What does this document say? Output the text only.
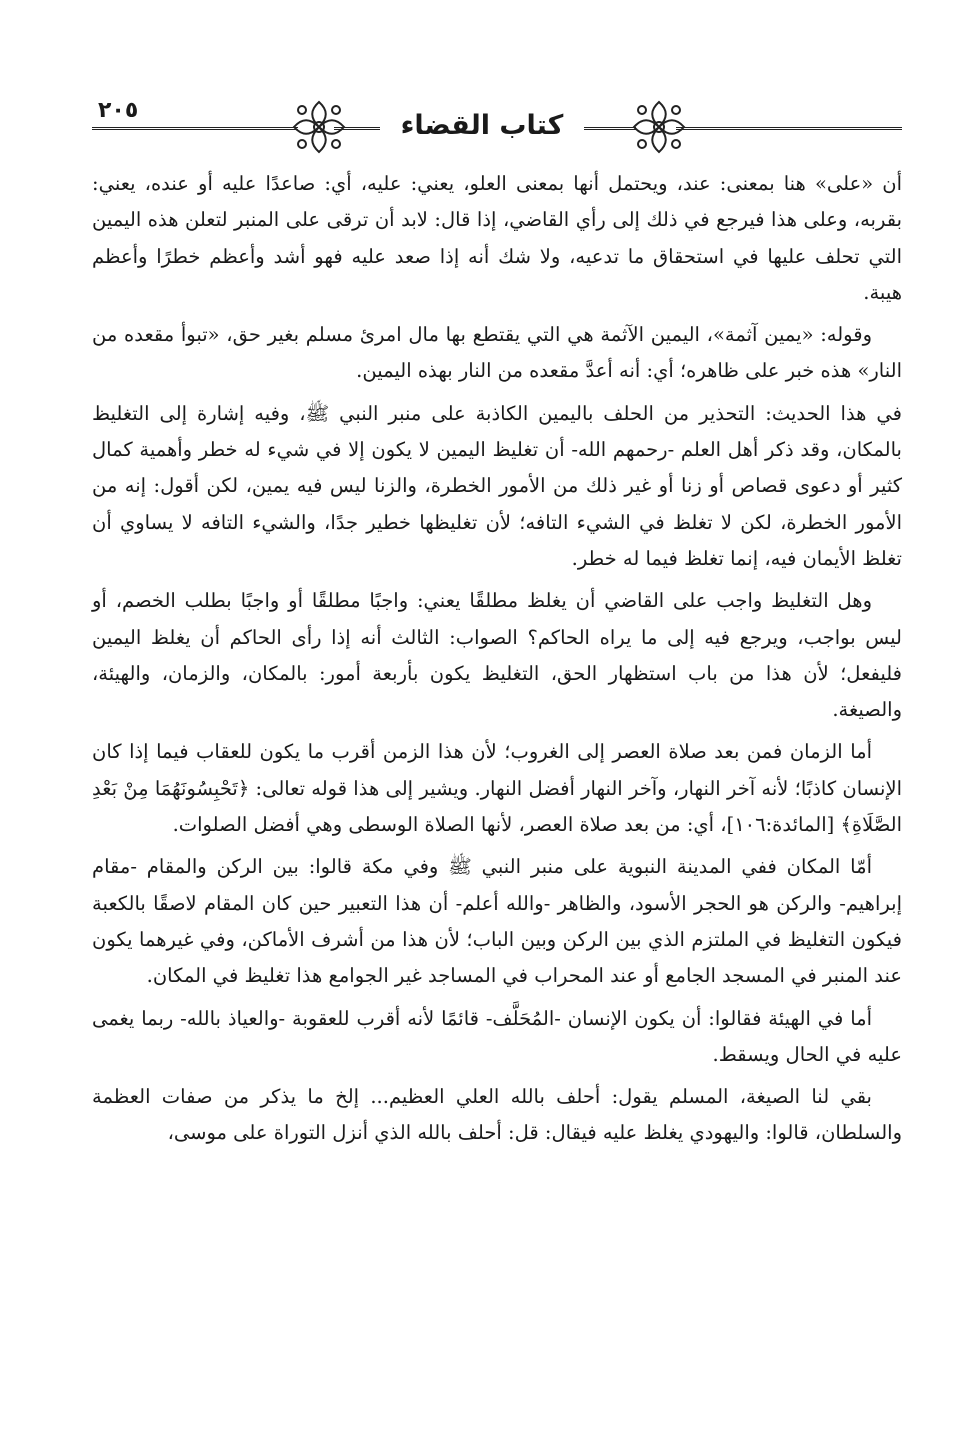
٢٠٥	كتاب القضاء

أن «على» هنا بمعنى: عند، ويحتمل أنها بمعنى العلو، يعني: عليه، أي: صاعدًا عليه أو عنده، يعني: بقربه، وعلى هذا فيرجع في ذلك إلى رأي القاضي، إذا قال: لابد أن ترقى على المنبر لتعلن هذه اليمين التي تحلف عليها في استحقاق ما تدعيه، ولا شك أنه إذا صعد عليه فهو أشد وأعظم خطرًا وأعظم هيبة.

وقوله: «يمين آثمة»، اليمين الآثمة هي التي يقتطع بها مال امرئ مسلم بغير حق، «تبوأ مقعده من النار» هذه خبر على ظاهره؛ أي: أنه أعدَّ مقعده من النار بهذه اليمين.

في هذا الحديث: التحذير من الحلف باليمين الكاذبة على منبر النبي ﷺ، وفيه إشارة إلى التغليظ بالمكان، وقد ذكر أهل العلم -رحمهم الله- أن تغليظ اليمين لا يكون إلا في شيء له خطر وأهمية كمال كثير أو دعوى قصاص أو زنا أو غير ذلك من الأمور الخطرة، والزنا ليس فيه يمين، لكن أقول: إنه من الأمور الخطرة، لكن لا تغلظ في الشيء التافه؛ لأن تغليظها خطير جدًا، والشيء التافه لا يساوي أن تغلظ الأيمان فيه، إنما تغلظ فيما له خطر.

وهل التغليظ واجب على القاضي أن يغلظ مطلقًا يعني: واجبًا مطلقًا أو واجبًا بطلب الخصم، أو ليس بواجب، ويرجع فيه إلى ما يراه الحاكم؟ الصواب: الثالث أنه إذا رأى الحاكم أن يغلظ اليمين فليفعل؛ لأن هذا من باب استظهار الحق، التغليظ يكون بأربعة أمور: بالمكان، والزمان، والهيئة، والصيغة.

أما الزمان فمن بعد صلاة العصر إلى الغروب؛ لأن هذا الزمن أقرب ما يكون للعقاب فيما إذا كان الإنسان كاذبًا؛ لأنه آخر النهار، وآخر النهار أفضل النهار. ويشير إلى هذا قوله تعالى: ﴿تَحْبِسُونَهُمَا مِنْ بَعْدِ الصَّلَاةِ﴾ [المائدة:١٠٦]، أي: من بعد صلاة العصر، لأنها الصلاة الوسطى وهي أفضل الصلوات.

أمّا المكان ففي المدينة النبوية على منبر النبي ﷺ وفي مكة قالوا: بين الركن والمقام -مقام إبراهيم- والركن هو الحجر الأسود، والظاهر -والله أعلم- أن هذا التعبير حين كان المقام لاصقًا بالكعبة فيكون التغليظ في الملتزم الذي بين الركن وبين الباب؛ لأن هذا من أشرف الأماكن، وفي غيرهما يكون عند المنبر في المسجد الجامع أو عند المحراب في المساجد غير الجوامع هذا تغليظ في المكان.

أما في الهيئة فقالوا: أن يكون الإنسان -المُحَلَّف- قائمًا لأنه أقرب للعقوبة -والعياذ بالله- ربما يغمى عليه في الحال ويسقط.

بقي لنا الصيغة، المسلم يقول: أحلف بالله العلي العظيم... إلخ ما يذكر من صفات العظمة والسلطان، قالوا: واليهودي يغلظ عليه فيقال: قل: أحلف بالله الذي أنزل التوراة على موسى،
